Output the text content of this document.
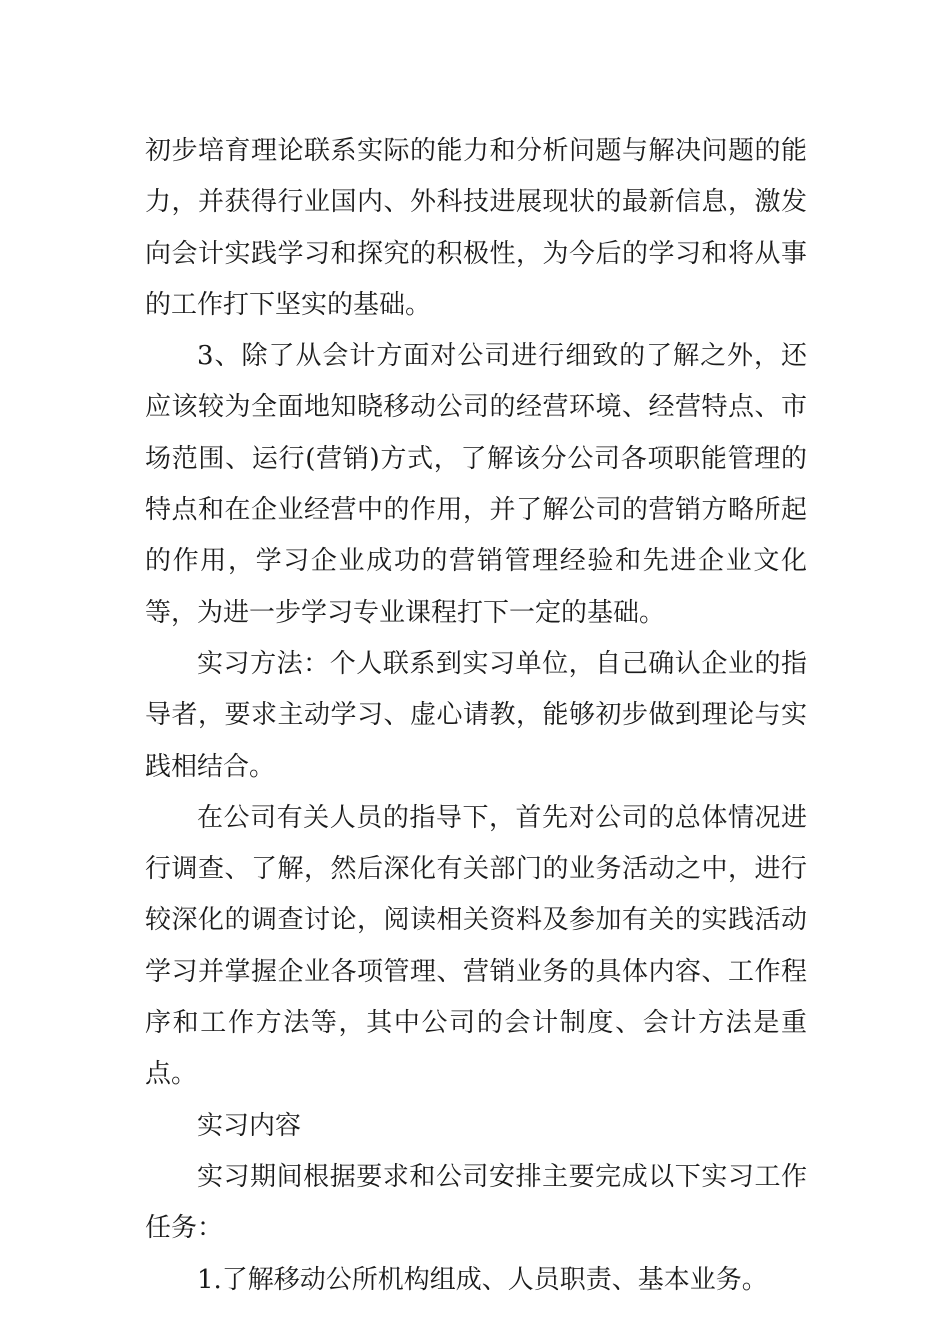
初步培育理论联系实际的能力和分析问题与解决问题的能力，并获得行业国内、外科技进展现状的最新信息，激发向会计实践学习和探究的积极性，为今后的学习和将从事的工作打下坚实的基础。

3、除了从会计方面对公司进行细致的了解之外，还应该较为全面地知晓移动公司的经营环境、经营特点、市场范围、运行(营销)方式，了解该分公司各项职能管理的特点和在企业经营中的作用，并了解公司的营销方略所起的作用，学习企业成功的营销管理经验和先进企业文化等，为进一步学习专业课程打下一定的基础。

实习方法：个人联系到实习单位，自己确认企业的指导者，要求主动学习、虚心请教，能够初步做到理论与实践相结合。

在公司有关人员的指导下，首先对公司的总体情况进行调查、了解，然后深化有关部门的业务活动之中，进行较深化的调查讨论，阅读相关资料及参加有关的实践活动学习并掌握企业各项管理、营销业务的具体内容、工作程序和工作方法等，其中公司的会计制度、会计方法是重点。

实习内容

实习期间根据要求和公司安排主要完成以下实习工作任务：

1.了解移动公所机构组成、人员职责、基本业务。
